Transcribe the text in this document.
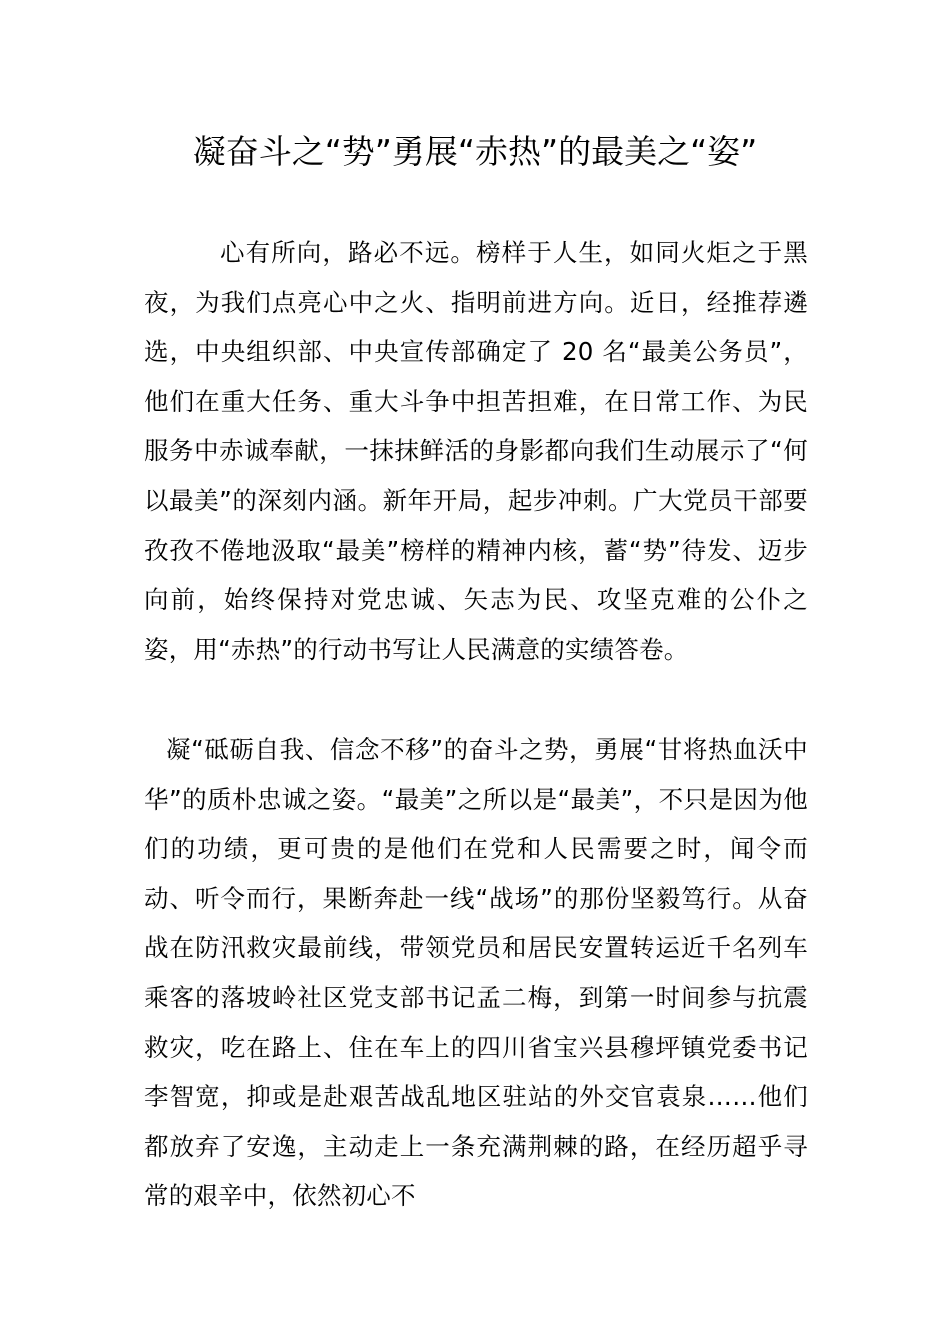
凝奋斗之“势”勇展“赤热”的最美之“姿”

心有所向，路必不远。榜样于人生，如同火炬之于黑夜，为我们点亮心中之火、指明前进方向。近日，经推荐遴选，中央组织部、中央宣传部确定了 20 名“最美公务员”，他们在重大任务、重大斗争中担苦担难，在日常工作、为民服务中赤诚奉献，一抹抹鲜活的身影都向我们生动展示了“何以最美”的深刻内涵。新年开局，起步冲刺。广大党员干部要孜孜不倦地汲取“最美”榜样的精神内核，蓄“势”待发、迈步向前，始终保持对党忠诚、矢志为民、攻坚克难的公仆之姿，用“赤热”的行动书写让人民满意的实绩答卷。

凝“砥砺自我、信念不移”的奋斗之势，勇展“甘将热血沃中华”的质朴忠诚之姿。“最美”之所以是“最美”，不只是因为他们的功绩，更可贵的是他们在党和人民需要之时，闻令而动、听令而行，果断奔赴一线“战场”的那份坚毅笃行。从奋战在防汛救灾最前线，带领党员和居民安置转运近千名列车乘客的落坡岭社区党支部书记孟二梅，到第一时间参与抗震救灾，吃在路上、住在车上的四川省宝兴县穆坪镇党委书记李智宽，抑或是赴艰苦战乱地区驻站的外交官袁泉……他们都放弃了安逸，主动走上一条充满荆棘的路，在经历超乎寻常的艰辛中，依然初心不
